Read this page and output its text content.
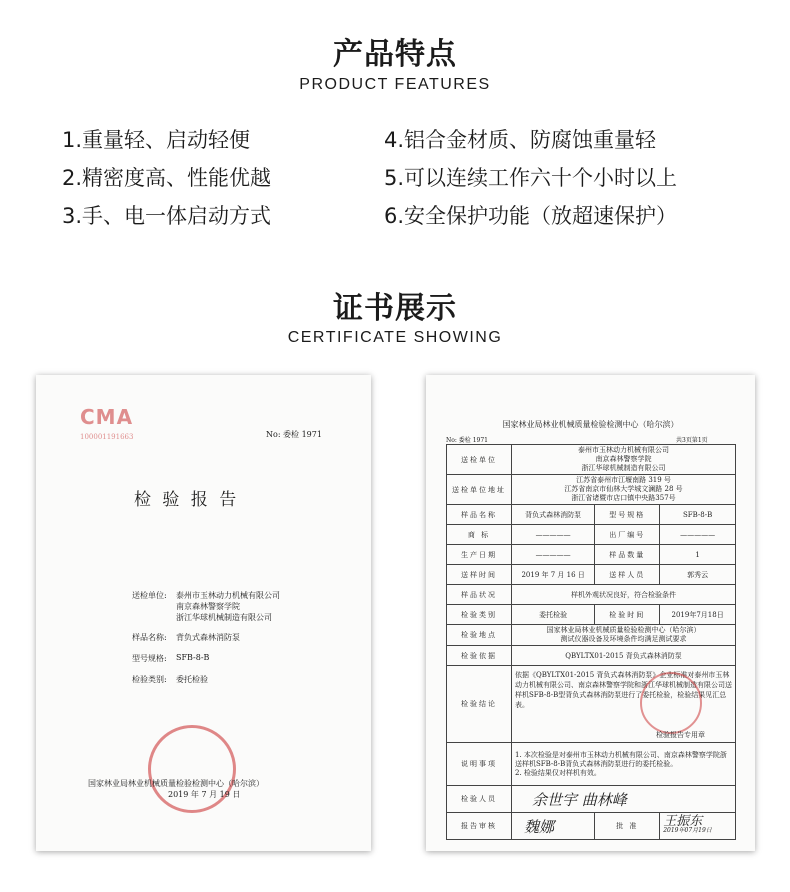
产品特点
PRODUCT FEATURES
1.重量轻、启动轻便
2.精密度高、性能优越
3.手、电一体启动方式
4.铝合金材质、防腐蚀重量轻
5.可以连续工作六十个小时以上
6.安全保护功能（放超速保护）
证书展示
CERTIFICATE SHOWING
CMA
100001191663	No: 委检 1971
检 验 报 告
送检单位: 泰州市玉林动力机械有限公司
南京森林警察学院
浙江华球机械制造有限公司
样品名称: 背负式森林消防泵
型号规格: SFB-8-B
检验类别: 委托检验
国家林业局林业机械质量检验检测中心（哈尔滨）
2019 年 7 月 19 日
国家林业局林业机械质量检验检测中心（哈尔滨）
No: 委检 1971	共3页第1页
送检单位	泰州市玉林动力机械有限公司
南京森林警察学院
浙江华球机械制造有限公司		

送检单位地址	江苏省泰州市江堰南路 319 号
江苏省南京市仙林大学城文澜路 28 号
浙江省诸暨市店口镇中央路357号		

样品名称	背负式森林消防泵	型号规格	SFB-8-B
商 标	—————	出厂编号	—————
生产日期	—————	样品数量	1
送样时间	2019 年 7 月 16 日	送样人员	郭秀云
样品状况	样机外观状况良好，符合检验条件		
检验类别	委托检验	检验时间	2019年7月18日
检验地点	国家林业局林业机械质量检验检测中心（哈尔滨）
测试仪器设备及环境条件均满足测试要求		

检验依据	QBYLTX01-2015 背负式森林消防泵		
检验结论	依据《QBYLTX01-2015 背负式森林消防泵》企业标准对泰州市玉林动力机械有限公司、南京森林警察学院和浙江华球机械制造有限公司送样机SFB-8-B型背负式森林消防泵进行了委托检验，检验结果见汇总表。
检验报告专用章		

说明事项	1. 本次检验是对泰州市玉林动力机械有限公司、南京森林警察学院浙送样机SFB-8-B背负式森林消防泵进行的委托检验。
2. 检验结果仅对样机有效。		

检验人员	余世宇 曲林峰		
报告审核	魏娜	批 准	王振东
2019年07月19日
